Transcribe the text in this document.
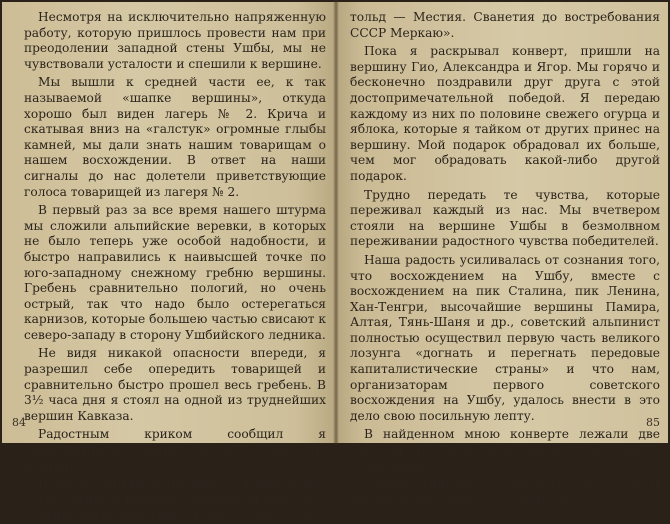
Несмотря на исключительно напряженную работу, которую пришлось провести нам при преодолении западной стены Ушбы, мы не чувствовали усталости и спешили к вершине.

Мы вышли к средней части ее, к так называемой «шапке вершины», откуда хорошо был виден лагерь № 2. Крича и скатывая вниз на «галстук» огромные глыбы камней, мы дали знать нашим товарищам о нашем восхождении. В ответ на наши сигналы до нас долетели приветствующие голоса товарищей из лагеря № 2.

В первый раз за все время нашего штурма мы сложили альпийские веревки, в которых не было теперь уже особой надобности, и быстро направились к наивысшей точке по юго-западному снежному гребню вершины. Гребень сравнительно пологий, но очень острый, так что надо было остерегаться карнизов, которые большею частью свисают к северо-западу в сторону Ушбийского ледника.

Не видя никакой опасности впереди, я разрешил себе опередить товарищей и сравнительно быстро прошел весь гребень. В 3½ часа дня я стоял на одной из труднейших вершин Кавказа.

Радостным криком сообщил я показавшимся товарищам, что стою на вершине.

Под камнями вблизи вершины я обнаружил обыкновенный конверт с немецкой маркой и с надписью на адресной стороне: «Фриц Бех-

84

тольд — Местия. Сванетия до востребования СССР Меркаю».

Пока я раскрывал конверт, пришли на вершину Гио, Александра и Ягор. Мы горячо и бесконечно поздравили друг друга с этой достопримечательной победой. Я передаю каждому из них по половине свежего огурца и яблока, которые я тайком от других принес на вершину. Мой подарок обрадовал их больше, чем мог обрадовать какой-либо другой подарок.

Трудно передать те чувства, которые переживал каждый из нас. Мы вчетвером стояли на вершине Ушбы в безмолвном переживании радостного чувства победителей.

Наша радость усиливалась от сознания того, что восхождением на Ушбу, вместе с восхождением на пик Сталина, пик Ленина, Хан-Тенгри, высочайшие вершины Памира, Алтая, Тянь-Шаня и др., советский альпинист полностью осуществил первую часть великого лозунга «догнать и перегнать передовые капиталистические страны» и что нам, организаторам первого советского восхождения на Ушбу, удалось внести в это дело свою посильную лепту.

В найденном мною конверте лежали две записки на немецком языке следующего содержания.

Первая записка: «16 августа 1929 года. II восхождение с юга (путь А. Шульце) с

85
